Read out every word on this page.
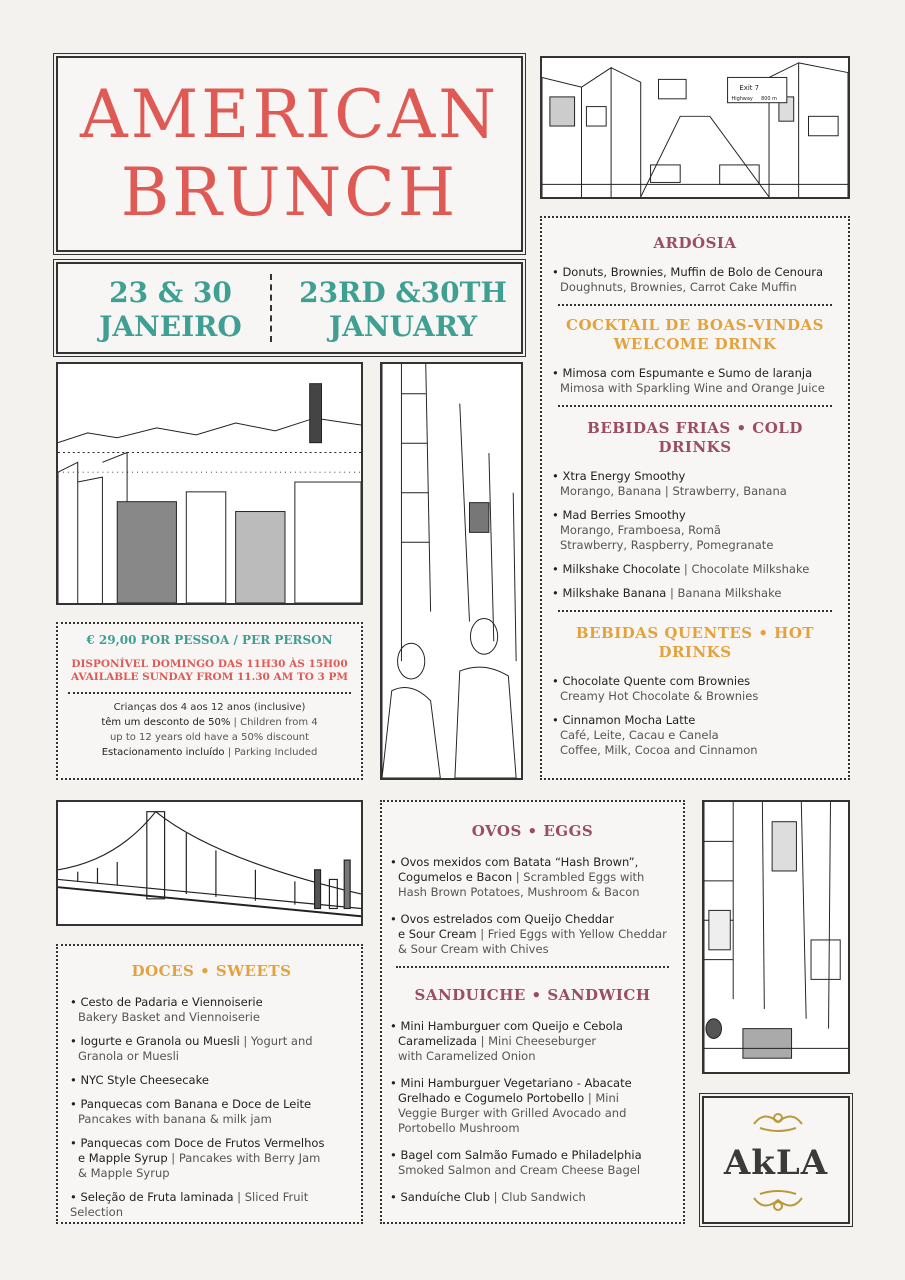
AMERICAN
BRUNCH
23 & 30
JANEIRO
23RD &30TH
JANUARY
Exit 7
Highway 800 m
ARDÓSIA
• Donuts, Brownies, Muffin de Bolo de Cenoura
Doughnuts, Brownies, Carrot Cake Muffin
COCKTAIL DE BOAS-VINDAS
WELCOME DRINK
• Mimosa com Espumante e Sumo de laranja
Mimosa with Sparkling Wine and Orange Juice
BEBIDAS FRIAS • COLD DRINKS
• Xtra Energy Smoothy
Morango, Banana | Strawberry, Banana
• Mad Berries Smoothy
Morango, Framboesa, Romã
Strawberry, Raspberry, Pomegranate
• Milkshake Chocolate | Chocolate Milkshake
• Milkshake Banana | Banana Milkshake
BEBIDAS QUENTES • HOT DRINKS
• Chocolate Quente com Brownies
Creamy Hot Chocolate & Brownies
• Cinnamon Mocha Latte
Café, Leite, Cacau e Canela
Coffee, Milk, Cocoa and Cinnamon
€ 29,00 POR PESSOA / PER PERSON
DISPONÍVEL DOMINGO DAS 11H30 ÀS 15H00
AVAILABLE SUNDAY FROM 11.30 AM TO 3 PM
Crianças dos 4 aos 12 anos (inclusive)
têm um desconto de 50% | Children from 4
up to 12 years old have a 50% discount
Estacionamento incluído | Parking Included
DOCES • SWEETS
• Cesto de Padaria e Viennoiserie
Bakery Basket and Viennoiserie
• Iogurte e Granola ou Muesli | Yogurt and
Granola or Muesli
• NYC Style Cheesecake
• Panquecas com Banana e Doce de Leite
Pancakes with banana & milk jam
• Panquecas com Doce de Frutos Vermelhos
e Mapple Syrup | Pancakes with Berry Jam
& Mapple Syrup
• Seleção de Fruta laminada | Sliced Fruit Selection
OVOS • EGGS
• Ovos mexidos com Batata “Hash Brown”,
Cogumelos e Bacon | Scrambled Eggs with
Hash Brown Potatoes, Mushroom & Bacon
• Ovos estrelados com Queijo Cheddar
e Sour Cream | Fried Eggs with Yellow Cheddar
& Sour Cream with Chives
SANDUICHE • SANDWICH
• Mini Hamburguer com Queijo e Cebola
Caramelizada | Mini Cheeseburger
with Caramelized Onion
• Mini Hamburguer Vegetariano - Abacate
Grelhado e Cogumelo Portobello | Mini
Veggie Burger with Grilled Avocado and
Portobello Mushroom
• Bagel com Salmão Fumado e Philadelphia
Smoked Salmon and Cream Cheese Bagel
• Sanduíche Club | Club Sandwich
AkLA
